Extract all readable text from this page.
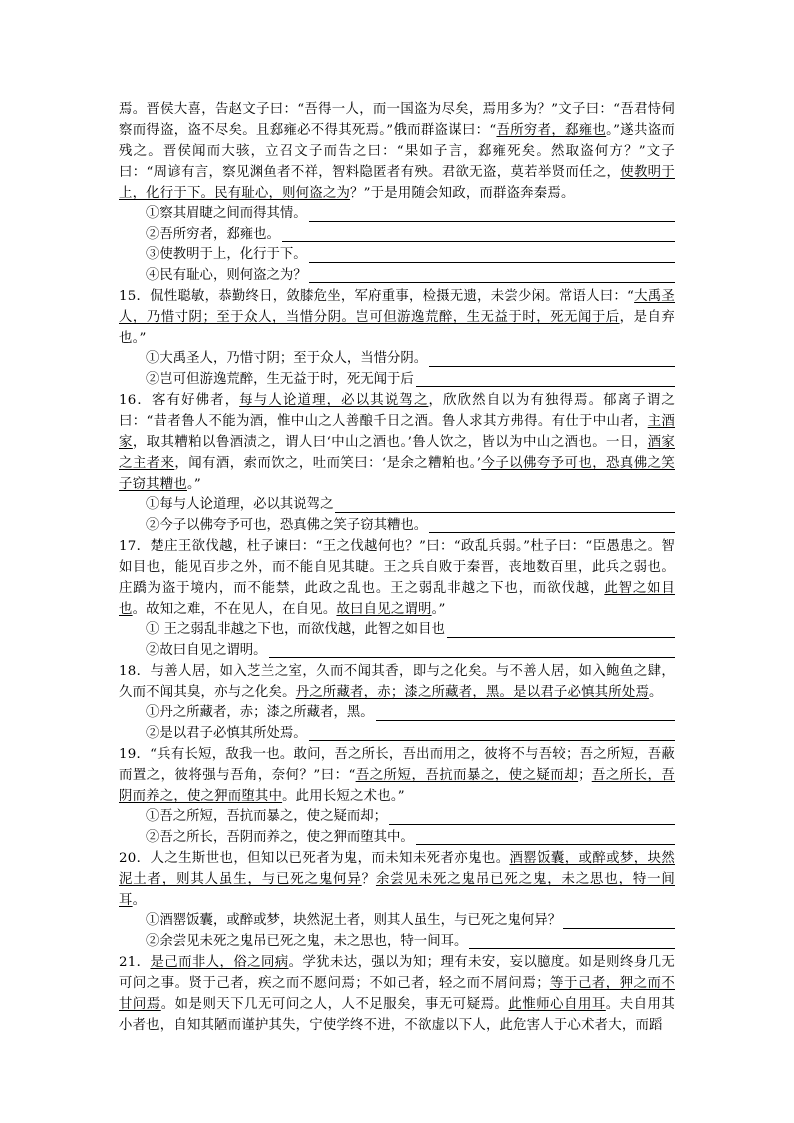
焉。晋侯大喜，告赵文子曰：“吾得一人，而一国盗为尽矣，焉用多为？”文子曰：“吾君恃伺察而得盗，盗不尽矣。且郄雍必不得其死焉。”俄而群盗谋曰：“吾所穷者，郄雍也。”遂共盗而残之。晋侯闻而大骇，立召文子而告之曰：“果如子言，郄雍死矣。然取盗何方？”文子曰：“周谚有言，察见渊鱼者不祥，智料隐匿者有殃。君欲无盗，莫若举贤而任之，使教明于上，化行于下。民有耻心，则何盗之为？”于是用随会知政，而群盗奔秦焉。

①察其眉睫之间而得其情。
②吾所穷者，郄雍也。
③使教明于上，化行于下。
④民有耻心，则何盗之为？

15．侃性聪敏，恭勤终日，敛膝危坐，军府重事，检摄无遗，未尝少闲。常语人曰：“大禹圣人，乃惜寸阴；至于众人，当惜分阴。岂可但游逸荒醉，生无益于时，死无闻于后，是自弃也。”

①大禹圣人，乃惜寸阴；至于众人，当惜分阴。
②岂可但游逸荒醉，生无益于时，死无闻于后

16．客有好佛者，每与人论道理，必以其说驾之，欣欣然自以为有独得焉。郁离子谓之曰：“昔者鲁人不能为酒，惟中山之人善酿千日之酒。鲁人求其方弗得。有仕于中山者，主酒家，取其糟粕以鲁酒渍之，谓人曰‘中山之酒也。’鲁人饮之，皆以为中山之酒也。一日，酒家之主者来，闻有酒，索而饮之，吐而笑曰：‘是余之糟粕也。’今子以佛夸予可也，恐真佛之笑子窃其糟也。”

①每与人论道理，必以其说驾之
②今子以佛夸予可也，恐真佛之笑子窃其糟也。

17．楚庄王欲伐越，杜子谏曰：“王之伐越何也？”曰：“政乱兵弱。”杜子曰：“臣愚患之。智如目也，能见百步之外，而不能自见其睫。王之兵自败于秦晋，丧地数百里，此兵之弱也。庄蹻为盗于境内，而不能禁，此政之乱也。王之弱乱非越之下也，而欲伐越，此智之如目也。故知之难，不在见人，在自见。故曰自见之谓明。”

① 王之弱乱非越之下也，而欲伐越，此智之如目也
②故曰自见之谓明。

18．与善人居，如入芝兰之室，久而不闻其香，即与之化矣。与不善人居，如入鲍鱼之肆，久而不闻其臭，亦与之化矣。丹之所藏者，赤；漆之所藏者，黑。是以君子必慎其所处焉。

①丹之所藏者，赤；漆之所藏者，黑。
②是以君子必慎其所处焉。

19．“兵有长短，敌我一也。敢问，吾之所长，吾出而用之，彼将不与吾较；吾之所短，吾蔽而置之，彼将强与吾角，奈何？”曰：“吾之所短，吾抗而暴之，使之疑而却；吾之所长，吾阴而养之，使之狎而堕其中。此用长短之术也。”

①吾之所短，吾抗而暴之，使之疑而却；
②吾之所长，吾阴而养之，使之狎而堕其中。

20．人之生斯世也，但知以已死者为鬼，而未知未死者亦鬼也。酒罂饭囊，或醉或梦，块然泥土者，则其人虽生，与已死之鬼何异？余尝见未死之鬼吊已死之鬼，未之思也，特一间耳。

①酒罂饭囊，或醉或梦，块然泥土者，则其人虽生，与已死之鬼何异？
②余尝见未死之鬼吊已死之鬼，未之思也，特一间耳。

21．是己而非人，俗之同病。学犹未达，强以为知；理有未安，妄以臆度。如是则终身几无可问之事。贤于己者，疾之而不愿问焉；不如己者，轻之而不屑问焉；等于己者，狎之而不甘问焉。如是则天下几无可问之人，人不足服矣，事无可疑焉。此惟师心自用耳。夫自用其小者也，自知其陋而谨护其失，宁使学终不进，不欲虚以下人，此危害人于心术者大，而蹈
